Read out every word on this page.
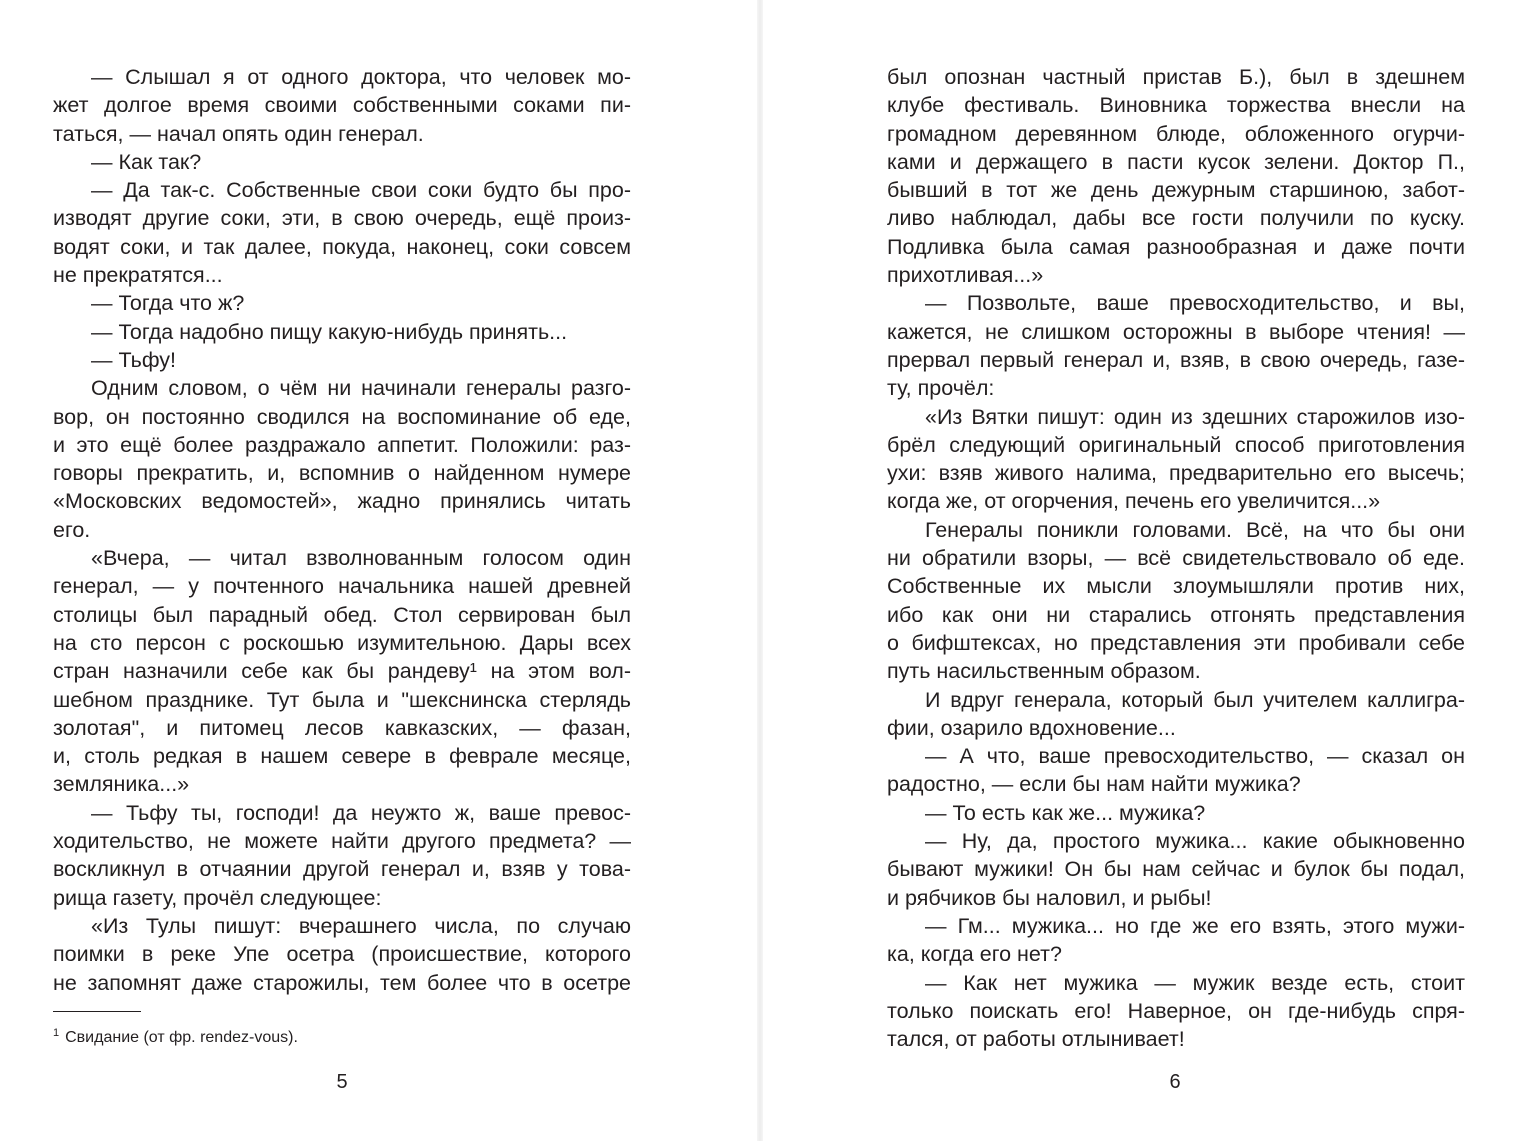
— Слышал я от одного доктора, что человек мо-
жет долгое время своими собственными соками пи-
таться, — начал опять один генерал.
— Как так?
— Да так-с. Собственные свои соки будто бы про-
изводят другие соки, эти, в свою очередь, ещё произ-
водят соки, и так далее, покуда, наконец, соки совсем
не прекратятся...
— Тогда что ж?
— Тогда надобно пищу какую-нибудь принять...
— Тьфу!
Одним словом, о чём ни начинали генералы разго-
вор, он постоянно сводился на воспоминание об еде,
и это ещё более раздражало аппетит. Положили: раз-
говоры прекратить, и, вспомнив о найденном нумере
«Московских ведомостей», жадно принялись читать
его.
«Вчера, — читал взволнованным голосом один
генерал, — у почтенного начальника нашей древней
столицы был парадный обед. Стол сервирован был
на сто персон с роскошью изумительною. Дары всех
стран назначили себе как бы рандеву¹ на этом вол-
шебном празднике. Тут была и "шекснинска стерлядь
золотая", и питомец лесов кавказских, — фазан,
и, столь редкая в нашем севере в феврале месяце,
земляника...»
— Тьфу ты, господи! да неужто ж, ваше превос-
ходительство, не можете найти другого предмета? —
воскликнул в отчаянии другой генерал и, взяв у това-
рища газету, прочёл следующее:
«Из Тулы пишут: вчерашнего числа, по случаю
поимки в реке Упе осетра (происшествие, которого
не запомнят даже старожилы, тем более что в осетре
$^1$ Свидание (от фр. rendez-vous).
5
был опознан частный пристав Б.), был в здешнем
клубе фестиваль. Виновника торжества внесли на
громадном деревянном блюде, обложенного огурчи-
ками и держащего в пасти кусок зелени. Доктор П.,
бывший в тот же день дежурным старшиною, забот-
ливо наблюдал, дабы все гости получили по куску.
Подливка была самая разнообразная и даже почти
прихотливая...»
— Позвольте, ваше превосходительство, и вы,
кажется, не слишком осторожны в выборе чтения! —
прервал первый генерал и, взяв, в свою очередь, газе-
ту, прочёл:
«Из Вятки пишут: один из здешних старожилов изо-
брёл следующий оригинальный способ приготовления
ухи: взяв живого налима, предварительно его высечь;
когда же, от огорчения, печень его увеличится...»
Генералы поникли головами. Всё, на что бы они
ни обратили взоры, — всё свидетельствовало об еде.
Собственные их мысли злоумышляли против них,
ибо как они ни старались отгонять представления
о бифштексах, но представления эти пробивали себе
путь насильственным образом.
И вдруг генерала, который был учителем каллигра-
фии, озарило вдохновение...
— А что, ваше превосходительство, — сказал он
радостно, — если бы нам найти мужика?
— То есть как же... мужика?
— Ну, да, простого мужика... какие обыкновенно
бывают мужики! Он бы нам сейчас и булок бы подал,
и рябчиков бы наловил, и рыбы!
— Гм... мужика... но где же его взять, этого мужи-
ка, когда его нет?
— Как нет мужика — мужик везде есть, стоит
только поискать его! Наверное, он где-нибудь спря-
тался, от работы отлынивает!
6
